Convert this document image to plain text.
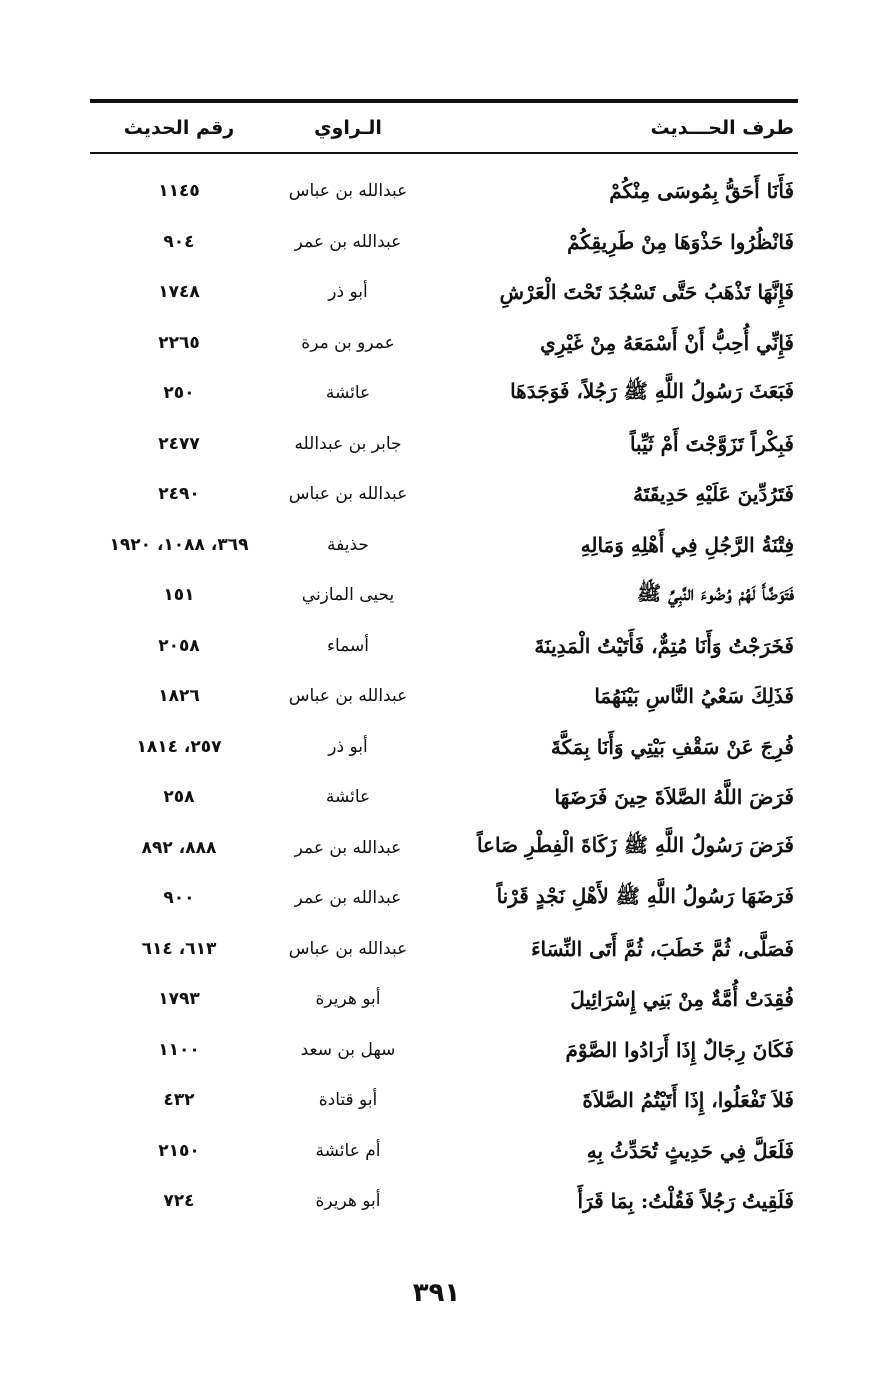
طرف الحـــديث
الـراوي
رقم الحديث
فَأَنَا أَحَقُّ بِمُوسَى مِنْكُمْ
عبدالله بن عباس
١١٤٥
فَانْظُرُوا حَذْوَهَا مِنْ طَرِيقِكُمْ
عبدالله بن عمر
٩٠٤
فَإِنَّهَا تَذْهَبُ حَتَّى تَسْجُدَ تَحْتَ الْعَرْشِ
أبو ذر
١٧٤٨
فَإِنِّي أُحِبُّ أَنْ أَسْمَعَهُ مِنْ غَيْرِي
عمرو بن مرة
٢٢٦٥
فَبَعَثَ رَسُولُ اللَّهِ ﷺ رَجُلاً، فَوَجَدَهَا
عائشة
٢٥٠
فَبِكْراً تَزَوَّجْتَ أَمْ ثَيِّباً
جابر بن عبدالله
٢٤٧٧
فَتَرُدِّينَ عَلَيْهِ حَدِيقَتَهُ
عبدالله بن عباس
٢٤٩٠
فِتْنَةُ الرَّجُلِ فِي أَهْلِهِ وَمَالِهِ
حذيفة
٣٦٩، ١٠٨٨، ١٩٢٠
فَتَوَضَّأَ لَهُمْ وُضُوءَ النَّبِيِّ ﷺ
يحيى المازني
١٥١
فَخَرَجْتُ وَأَنَا مُتِمٌّ، فَأَتَيْتُ الْمَدِينَةَ
أسماء
٢٠٥٨
فَذَلِكَ سَعْيُ النَّاسِ بَيْنَهُمَا
عبدالله بن عباس
١٨٢٦
فُرِجَ عَنْ سَقْفِ بَيْتِي وَأَنَا بِمَكَّةَ
أبو ذر
٢٥٧، ١٨١٤
فَرَضَ اللَّهُ الصَّلاَةَ حِينَ فَرَضَهَا
عائشة
٢٥٨
فَرَضَ رَسُولُ اللَّهِ ﷺ زَكَاةَ الْفِطْرِ صَاعاً
عبدالله بن عمر
٨٨٨، ٨٩٢
فَرَضَهَا رَسُولُ اللَّهِ ﷺ لأَهْلِ نَجْدٍ قَرْناً
عبدالله بن عمر
٩٠٠
فَصَلَّى، ثُمَّ خَطَبَ، ثُمَّ أَتَى النِّسَاءَ
عبدالله بن عباس
٦١٣، ٦١٤
فُقِدَتْ أُمَّةٌ مِنْ بَنِي إِسْرَائِيلَ
أبو هريرة
١٧٩٣
فَكَانَ رِجَالٌ إِذَا أَرَادُوا الصَّوْمَ
سهل بن سعد
١١٠٠
فَلاَ تَفْعَلُوا، إِذَا أَتَيْتُمُ الصَّلاَةَ
أبو قتادة
٤٣٢
فَلَعَلَّ فِي حَدِيثٍ تُحَدِّثُ بِهِ
أم عائشة
٢١٥٠
فَلَقِيتُ رَجُلاً فَقُلْتُ: بِمَا قَرَأَ
أبو هريرة
٧٢٤
٣٩١
